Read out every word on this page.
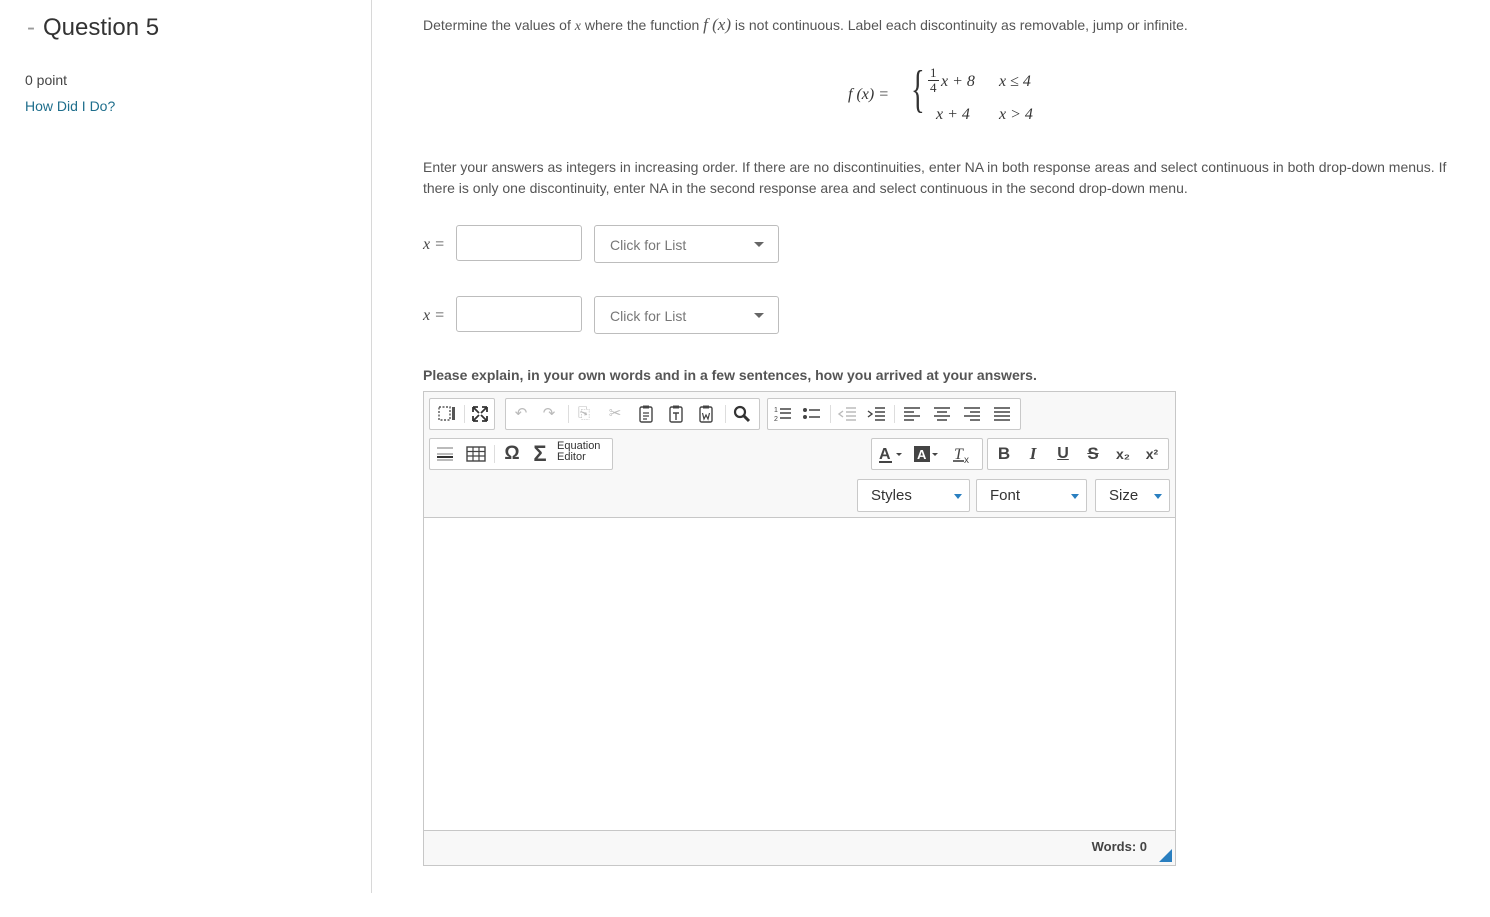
- Question 5
0 point
How Did I Do?
Determine the values of x where the function f (x) is not continuous. Label each discontinuity as removable, jump or infinite.
f (x) = { $\frac{1}{4}$ x + 8 x ≤ 4
x + 4 x > 4
Enter your answers as integers in increasing order. If there are no discontinuities, enter NA in both response areas and select continuous in both drop-down menus. If there is only one discontinuity, enter NA in the second response area and select continuous in the second drop-down menu.
x =	Click for List
x =	Click for List
Please explain, in your own words and in a few sentences, how you arrived at your answers.
↶	↷	⎘	✂	1
2
Ω Σ Equation
Editor	A A T x	B	I	U	S	x₂	x²
Styles	Font	Size
Words: 0
